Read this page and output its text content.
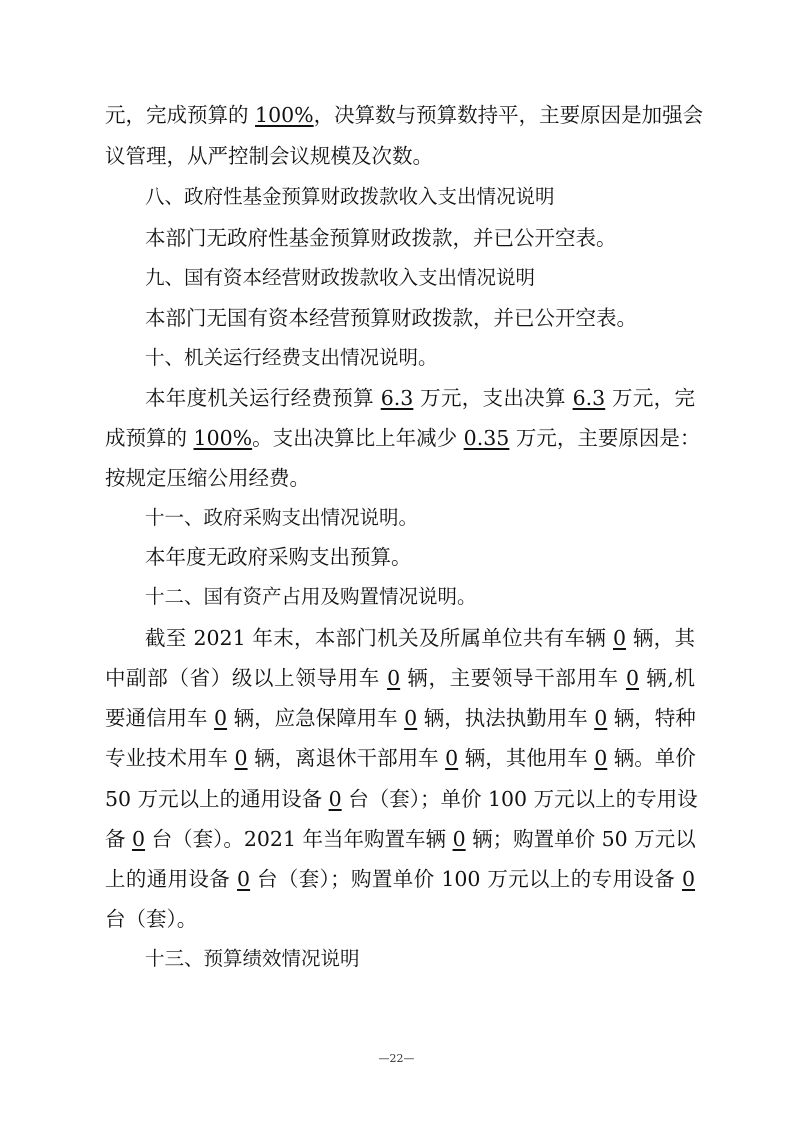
元，完成预算的 100%，决算数与预算数持平，主要原因是加强会
议管理，从严控制会议规模及次数。
八、政府性基金预算财政拨款收入支出情况说明
本部门无政府性基金预算财政拨款，并已公开空表。
九、国有资本经营财政拨款收入支出情况说明
本部门无国有资本经营预算财政拨款，并已公开空表。
十、机关运行经费支出情况说明。
本年度机关运行经费预算 6.3 万元，支出决算 6.3 万元，完
成预算的 100%。支出决算比上年减少 0.35 万元，主要原因是：
按规定压缩公用经费。
十一、政府采购支出情况说明。
本年度无政府采购支出预算。
十二、国有资产占用及购置情况说明。
截至 2021 年末，本部门机关及所属单位共有车辆 0 辆，其
中副部（省）级以上领导用车 0 辆，主要领导干部用车 0 辆,机
要通信用车 0 辆，应急保障用车 0 辆，执法执勤用车 0 辆，特种
专业技术用车 0 辆，离退休干部用车 0 辆，其他用车 0 辆。单价
50 万元以上的通用设备 0 台（套）；单价 100 万元以上的专用设
备 0 台（套）。2021 年当年购置车辆 0 辆；购置单价 50 万元以
上的通用设备 0 台（套）；购置单价 100 万元以上的专用设备 0
台（套）。
十三、预算绩效情况说明
—22—
